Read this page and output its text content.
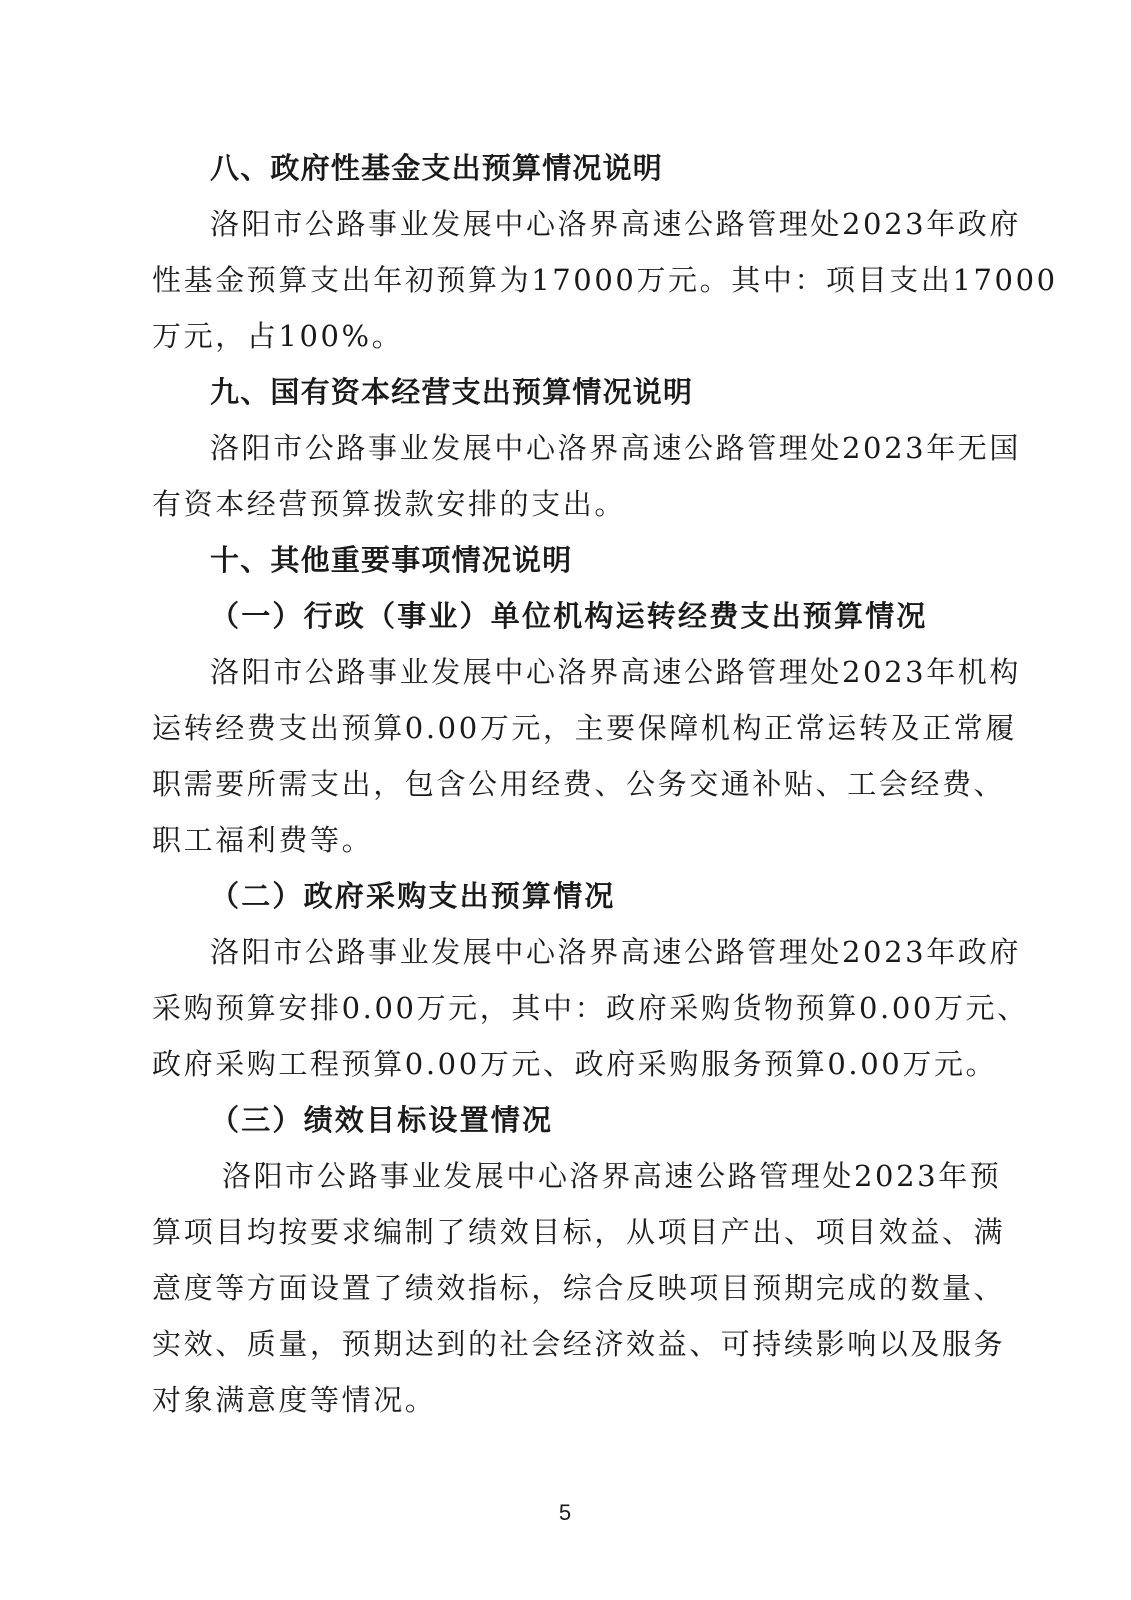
八、政府性基金支出预算情况说明
洛阳市公路事业发展中心洛界高速公路管理处2023年政府
性基金预算支出年初预算为17000万元。其中：项目支出17000
万元，占100%。
九、国有资本经营支出预算情况说明
洛阳市公路事业发展中心洛界高速公路管理处2023年无国
有资本经营预算拨款安排的支出。
十、其他重要事项情况说明
（一）行政（事业）单位机构运转经费支出预算情况
洛阳市公路事业发展中心洛界高速公路管理处2023年机构
运转经费支出预算0.00万元，主要保障机构正常运转及正常履
职需要所需支出，包含公用经费、公务交通补贴、工会经费、
职工福利费等。
（二）政府采购支出预算情况
洛阳市公路事业发展中心洛界高速公路管理处2023年政府
采购预算安排0.00万元，其中：政府采购货物预算0.00万元、
政府采购工程预算0.00万元、政府采购服务预算0.00万元。
（三）绩效目标设置情况
洛阳市公路事业发展中心洛界高速公路管理处2023年预
算项目均按要求编制了绩效目标，从项目产出、项目效益、满
意度等方面设置了绩效指标，综合反映项目预期完成的数量、
实效、质量，预期达到的社会经济效益、可持续影响以及服务
对象满意度等情况。
5
